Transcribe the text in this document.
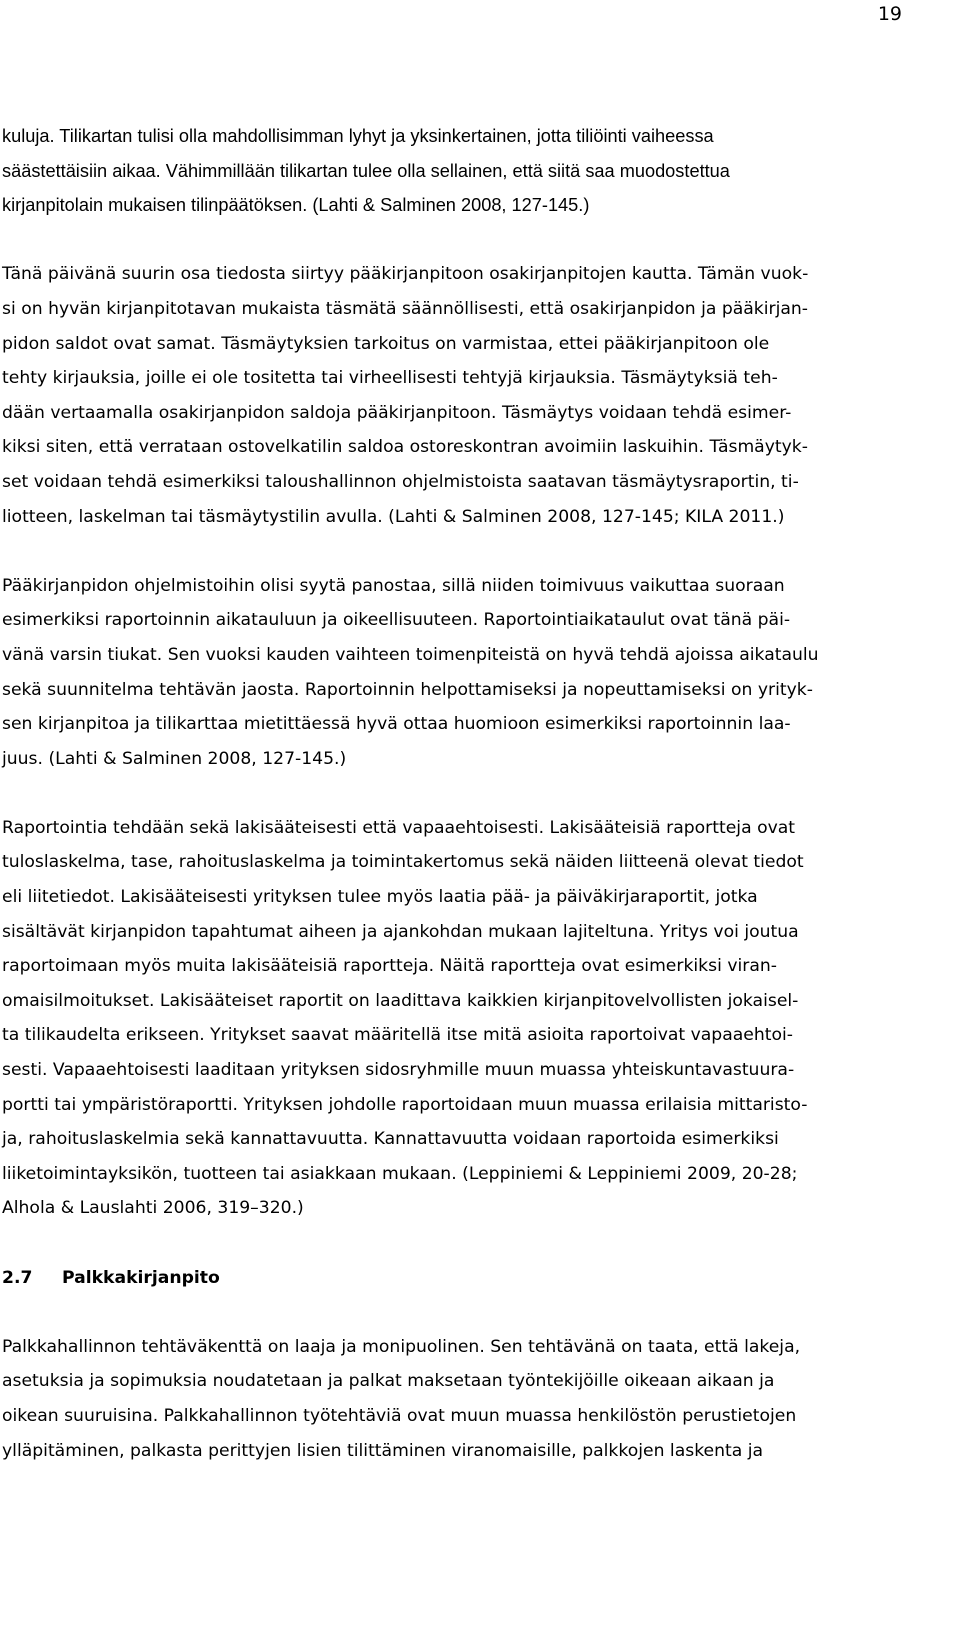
19
kuluja. Tilikartan tulisi olla mahdollisimman lyhyt ja yksinkertainen, jotta tiliöinti vaiheessa
säästettäisiin aikaa. Vähimmillään tilikartan tulee olla sellainen, että siitä saa muodostettua
kirjanpitolain mukaisen tilinpäätöksen. (Lahti & Salminen 2008, 127-145.)
Tänä päivänä suurin osa tiedosta siirtyy pääkirjanpitoon osakirjanpitojen kautta. Tämän vuok-
si on hyvän kirjanpitotavan mukaista täsmätä säännöllisesti, että osakirjanpidon ja pääkirjan-
pidon saldot ovat samat. Täsmäytyksien tarkoitus on varmistaa, ettei pääkirjanpitoon ole
tehty kirjauksia, joille ei ole tositetta tai virheellisesti tehtyjä kirjauksia. Täsmäytyksiä teh-
dään vertaamalla osakirjanpidon saldoja pääkirjanpitoon. Täsmäytys voidaan tehdä esimer-
kiksi siten, että verrataan ostovelkatilin saldoa ostoreskontran avoimiin laskuihin. Täsmäytyk-
set voidaan tehdä esimerkiksi taloushallinnon ohjelmistoista saatavan täsmäytysraportin, ti-
liotteen, laskelman tai täsmäytystilin avulla. (Lahti & Salminen 2008, 127-145; KILA 2011.)
Pääkirjanpidon ohjelmistoihin olisi syytä panostaa, sillä niiden toimivuus vaikuttaa suoraan
esimerkiksi raportoinnin aikatauluun ja oikeellisuuteen. Raportointiaikataulut ovat tänä päi-
vänä varsin tiukat. Sen vuoksi kauden vaihteen toimenpiteistä on hyvä tehdä ajoissa aikataulu
sekä suunnitelma tehtävän jaosta. Raportoinnin helpottamiseksi ja nopeuttamiseksi on yrityk-
sen kirjanpitoa ja tilikarttaa mietittäessä hyvä ottaa huomioon esimerkiksi raportoinnin laa-
juus. (Lahti & Salminen 2008, 127-145.)
Raportointia tehdään sekä lakisääteisesti että vapaaehtoisesti. Lakisääteisiä raportteja ovat
tuloslaskelma, tase, rahoituslaskelma ja toimintakertomus sekä näiden liitteenä olevat tiedot
eli liitetiedot. Lakisääteisesti yrityksen tulee myös laatia pää- ja päiväkirjaraportit, jotka
sisältävät kirjanpidon tapahtumat aiheen ja ajankohdan mukaan lajiteltuna. Yritys voi joutua
raportoimaan myös muita lakisääteisiä raportteja. Näitä raportteja ovat esimerkiksi viran-
omaisilmoitukset. Lakisääteiset raportit on laadittava kaikkien kirjanpitovelvollisten jokaisel-
ta tilikaudelta erikseen. Yritykset saavat määritellä itse mitä asioita raportoivat vapaaehtoi-
sesti. Vapaaehtoisesti laaditaan yrityksen sidosryhmille muun muassa yhteiskuntavastuura-
portti tai ympäristöraportti. Yrityksen johdolle raportoidaan muun muassa erilaisia mittaristo-
ja, rahoituslaskelmia sekä kannattavuutta. Kannattavuutta voidaan raportoida esimerkiksi
liiketoimintayksikön, tuotteen tai asiakkaan mukaan. (Leppiniemi & Leppiniemi 2009, 20-28;
Alhola & Lauslahti 2006, 319–320.)
2.7 Palkkakirjanpito
Palkkahallinnon tehtäväkenttä on laaja ja monipuolinen. Sen tehtävänä on taata, että lakeja,
asetuksia ja sopimuksia noudatetaan ja palkat maksetaan työntekijöille oikeaan aikaan ja
oikean suuruisina. Palkkahallinnon työtehtäviä ovat muun muassa henkilöstön perustietojen
ylläpitäminen, palkasta perittyjen lisien tilittäminen viranomaisille, palkkojen laskenta ja
